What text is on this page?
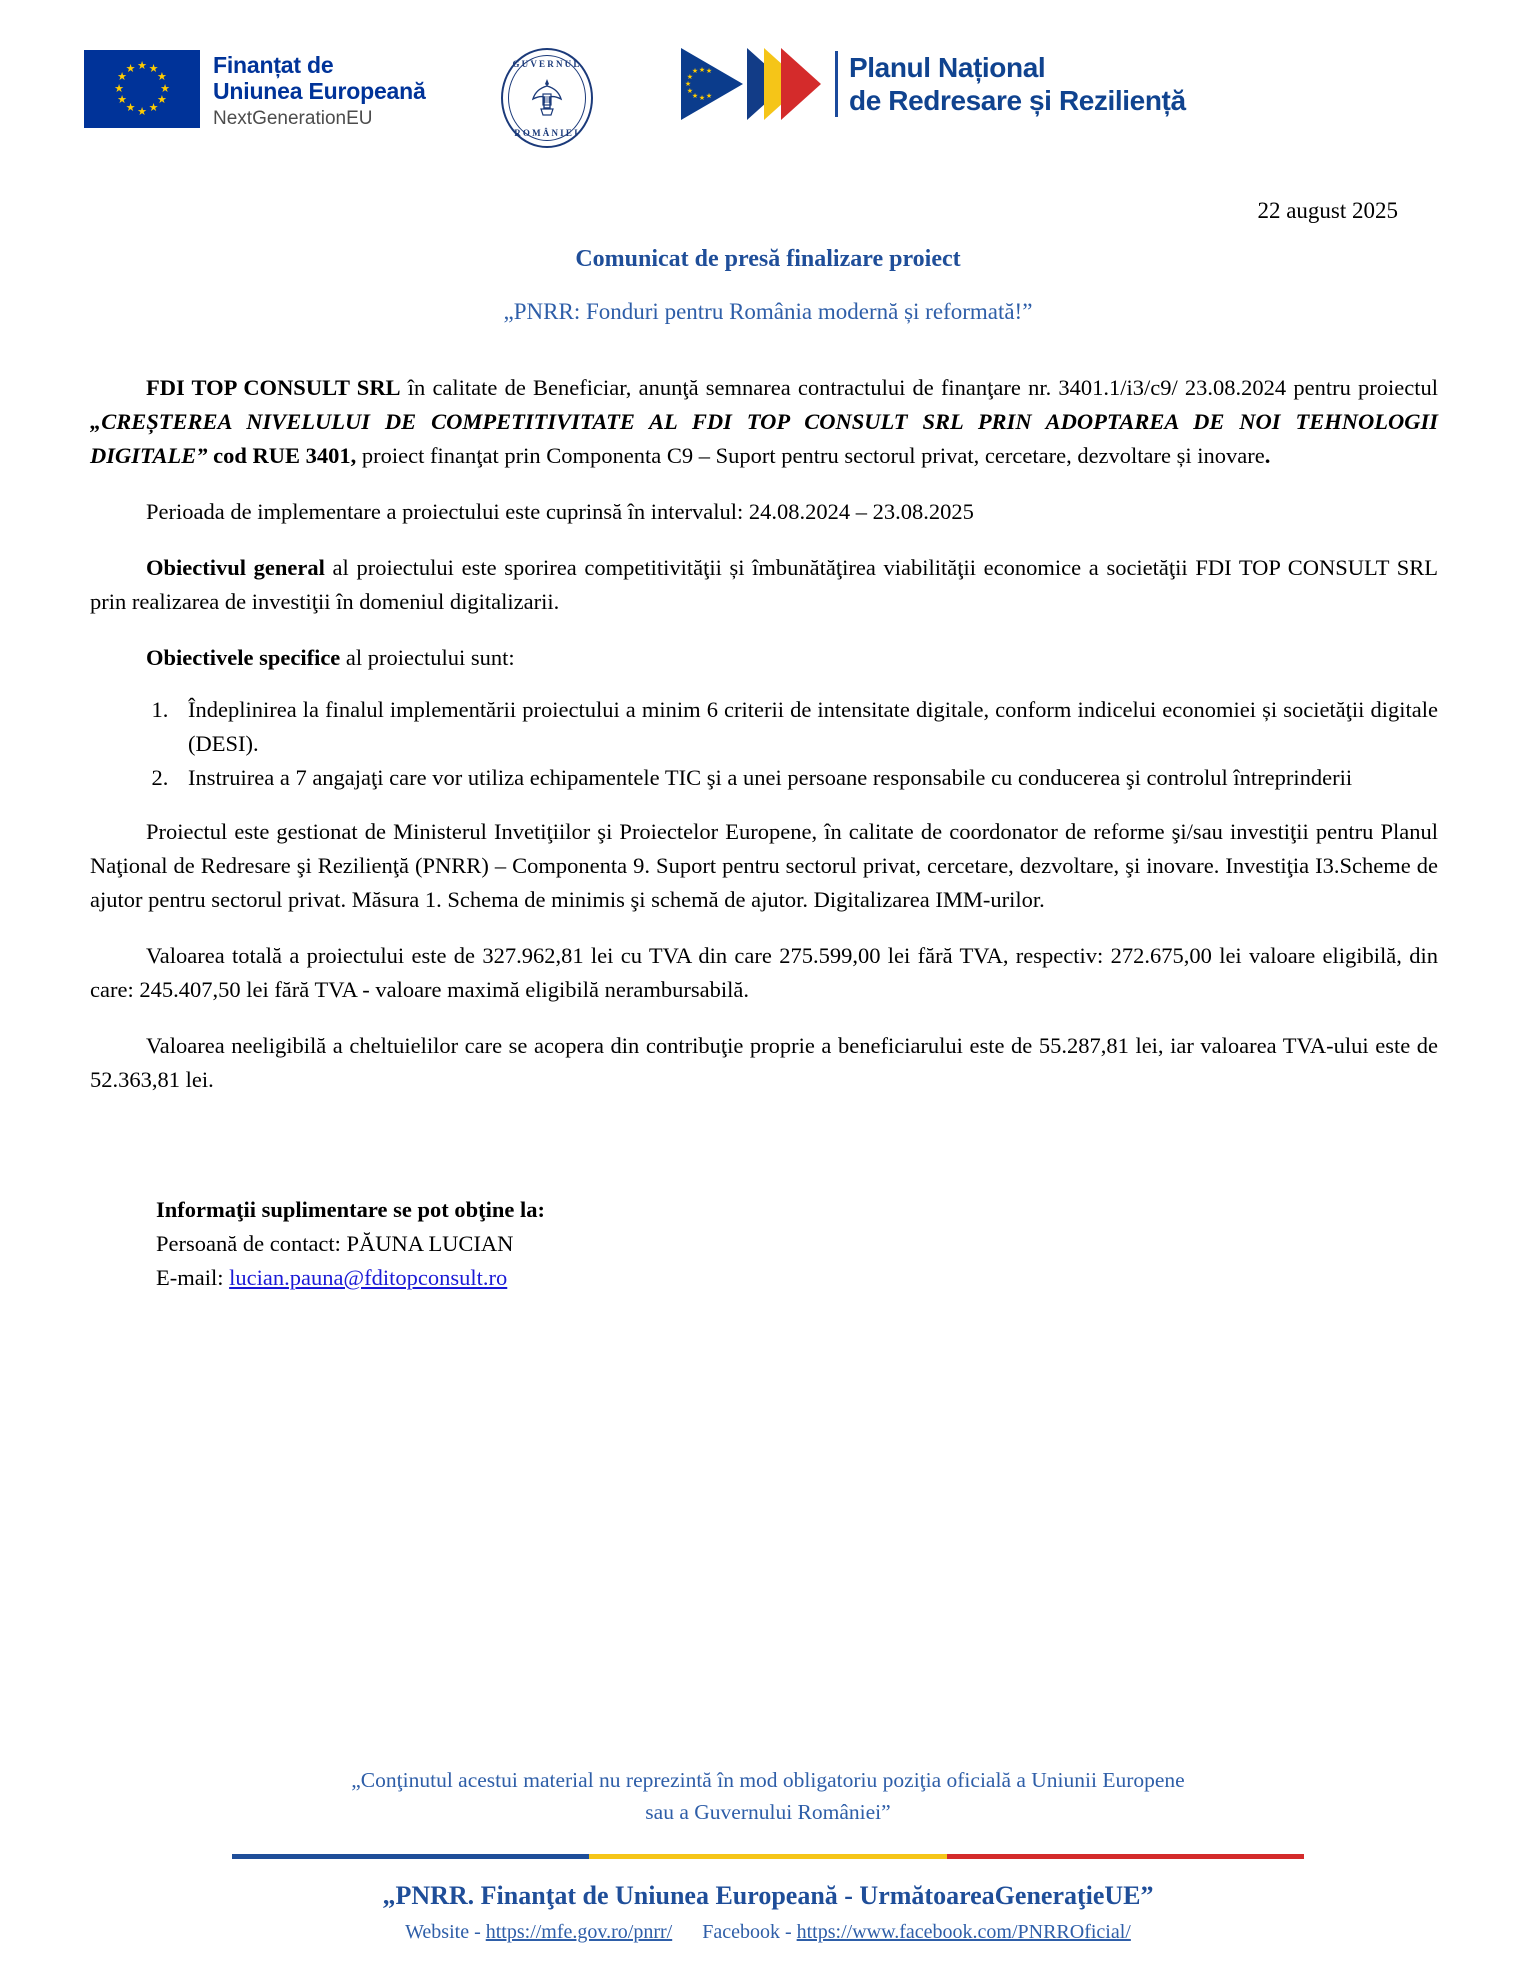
★ ★
★
★
★
★
★
★
★
★
★
★	Finanțat de
Uniunea Europeană
NextGenerationEU
GUVERNUL
ROMÂNIEI
★ ★
★
★
★
★
★
★
★	Planul Național
de Redresare și Reziliență
22 august 2025
Comunicat de presă finalizare proiect
„PNRR: Fonduri pentru România modernă și reformată!”

FDI TOP CONSULT SRL în calitate de Beneficiar, anunţă semnarea contractului de finanţare nr. 3401.1/i3/c9/ 23.08.2024 pentru proiectul „CREȘTEREA NIVELULUI DE COMPETITIVITATE AL FDI TOP CONSULT SRL PRIN ADOPTAREA DE NOI TEHNOLOGII DIGITALE” cod RUE 3401, proiect finanţat prin Componenta C9 – Suport pentru sectorul privat, cercetare, dezvoltare și inovare.

Perioada de implementare a proiectului este cuprinsă în intervalul: 24.08.2024 – 23.08.2025

Obiectivul general al proiectului este sporirea competitivităţii și îmbunătăţirea viabilităţii economice a societăţii FDI TOP CONSULT SRL prin realizarea de investiţii în domeniul digitalizarii.

Obiectivele specifice al proiectului sunt:

1. Îndeplinirea la finalul implementării proiectului a minim 6 criterii de intensitate digitale, conform indicelui economiei și societăţii digitale (DESI).
2. Instruirea a 7 angajaţi care vor utiliza echipamentele TIC şi a unei persoane responsabile cu conducerea şi controlul întreprinderii

Proiectul este gestionat de Ministerul Invetiţiilor şi Proiectelor Europene, în calitate de coordonator de reforme şi/sau investiţii pentru Planul Naţional de Redresare şi Rezilienţă (PNRR) – Componenta 9. Suport pentru sectorul privat, cercetare, dezvoltare, şi inovare. Investiţia I3.Scheme de ajutor pentru sectorul privat. Măsura 1. Schema de minimis şi schemă de ajutor. Digitalizarea IMM-urilor.

Valoarea totală a proiectului este de 327.962,81 lei cu TVA din care 275.599,00 lei fără TVA, respectiv: 272.675,00 lei valoare eligibilă, din care: 245.407,50 lei fără TVA - valoare maximă eligibilă nerambursabilă.

Valoarea neeligibilă a cheltuielilor care se acopera din contribuţie proprie a beneficiarului este de 55.287,81 lei, iar valoarea TVA-ului este de 52.363,81 lei.

Informaţii suplimentare se pot obţine la:
Persoană de contact: PĂUNA LUCIAN
E-mail: lucian.pauna@fditopconsult.ro
„Conţinutul acestui material nu reprezintă în mod obligatoriu poziţia oficială a Uniunii Europene
sau a Guvernului României”
„PNRR. Finanţat de Uniunea Europeană - UrmătoareaGeneraţieUE”
Website - https://mfe.gov.ro/pnrr/ Facebook - https://www.facebook.com/PNRROficial/
